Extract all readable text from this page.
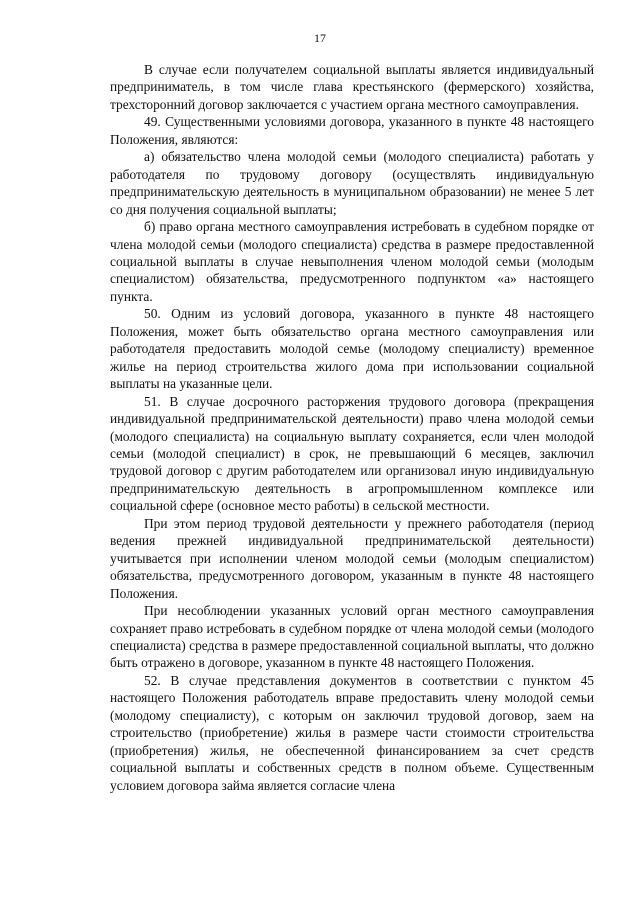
17

В случае если получателем социальной выплаты является индивидуальный предприниматель, в том числе глава крестьянского (фермерского) хозяйства, трехсторонний договор заключается с участием органа местного самоуправления.

49. Существенными условиями договора, указанного в пункте 48 настоящего Положения, являются:

а) обязательство члена молодой семьи (молодого специалиста) работать у работодателя по трудовому договору (осуществлять индивидуальную предпринимательскую деятельность в муниципальном образовании) не менее 5 лет со дня получения социальной выплаты;

б) право органа местного самоуправления истребовать в судебном порядке от члена молодой семьи (молодого специалиста) средства в размере предоставленной социальной выплаты в случае невыполнения членом молодой семьи (молодым специалистом) обязательства, предусмотренного подпунктом «а» настоящего пункта.

50. Одним из условий договора, указанного в пункте 48 настоящего Положения, может быть обязательство органа местного самоуправления или работодателя предоставить молодой семье (молодому специалисту) временное жилье на период строительства жилого дома при использовании социальной выплаты на указанные цели.

51. В случае досрочного расторжения трудового договора (прекращения индивидуальной предпринимательской деятельности) право члена молодой семьи (молодого специалиста) на социальную выплату сохраняется, если член молодой семьи (молодой специалист) в срок, не превышающий 6 месяцев, заключил трудовой договор с другим работодателем или организовал иную индивидуальную предпринимательскую деятельность в агропромышленном комплексе или социальной сфере (основное место работы) в сельской местности.

При этом период трудовой деятельности у прежнего работодателя (период ведения прежней индивидуальной предпринимательской деятельности) учитывается при исполнении членом молодой семьи (молодым специалистом) обязательства, предусмотренного договором, указанным в пункте 48 настоящего Положения.

При несоблюдении указанных условий орган местного самоуправления сохраняет право истребовать в судебном порядке от члена молодой семьи (молодого специалиста) средства в размере предоставленной социальной выплаты, что должно быть отражено в договоре, указанном в пункте 48 настоящего Положения.

52. В случае представления документов в соответствии с пунктом 45 настоящего Положения работодатель вправе предоставить члену молодой семьи (молодому специалисту), с которым он заключил трудовой договор, заем на строительство (приобретение) жилья в размере части стоимости строительства (приобретения) жилья, не обеспеченной финансированием за счет средств социальной выплаты и собственных средств в полном объеме. Существенным условием договора займа является согласие члена
